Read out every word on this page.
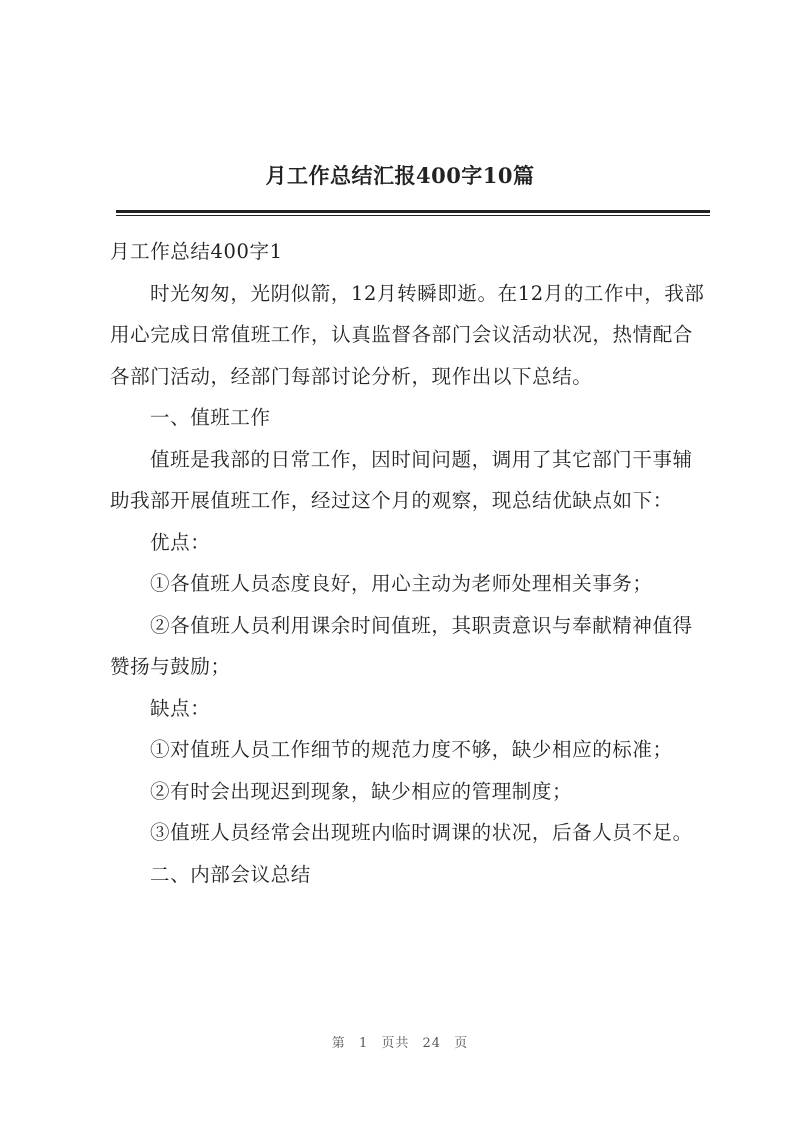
月工作总结汇报400字10篇

月工作总结400字1

时光匆匆，光阴似箭，12月转瞬即逝。在12月的工作中，我部用心完成日常值班工作，认真监督各部门会议活动状况，热情配合各部门活动，经部门每部讨论分析，现作出以下总结。

一、值班工作

值班是我部的日常工作，因时间问题，调用了其它部门干事辅助我部开展值班工作，经过这个月的观察，现总结优缺点如下：

优点：

①各值班人员态度良好，用心主动为老师处理相关事务；

②各值班人员利用课余时间值班，其职责意识与奉献精神值得赞扬与鼓励；

缺点：

①对值班人员工作细节的规范力度不够，缺少相应的标准；

②有时会出现迟到现象，缺少相应的管理制度；

③值班人员经常会出现班内临时调课的状况，后备人员不足。

二、内部会议总结

第 1 页共 24 页
